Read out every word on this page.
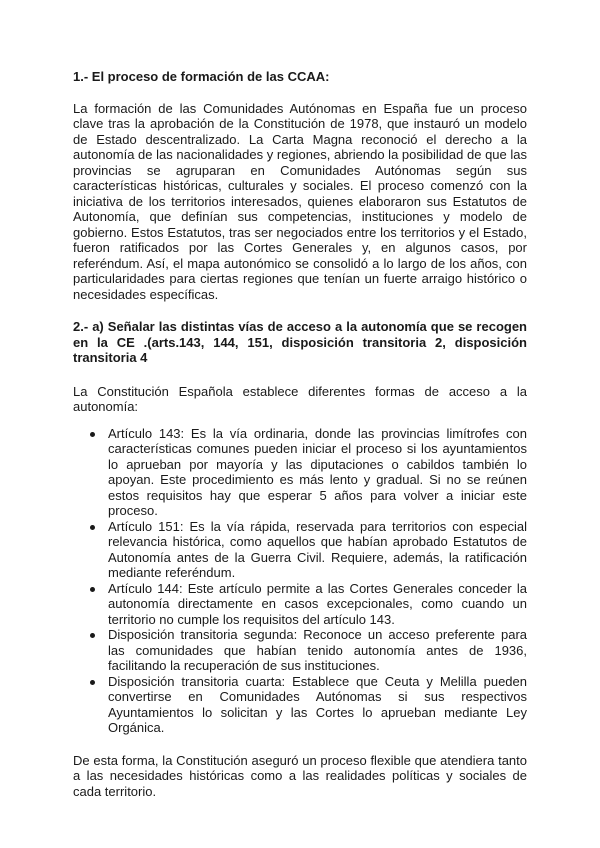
1.- El proceso de formación de las CCAA:

La formación de las Comunidades Autónomas en España fue un proceso clave tras la aprobación de la Constitución de 1978, que instauró un modelo de Estado descentralizado. La Carta Magna reconoció el derecho a la autonomía de las nacionalidades y regiones, abriendo la posibilidad de que las provincias se agruparan en Comunidades Autónomas según sus características históricas, culturales y sociales. El proceso comenzó con la iniciativa de los territorios interesados, quienes elaboraron sus Estatutos de Autonomía, que definían sus competencias, instituciones y modelo de gobierno. Estos Estatutos, tras ser negociados entre los territorios y el Estado, fueron ratificados por las Cortes Generales y, en algunos casos, por referéndum. Así, el mapa autonómico se consolidó a lo largo de los años, con particularidades para ciertas regiones que tenían un fuerte arraigo histórico o necesidades específicas.

2.- a) Señalar las distintas vías de acceso a la autonomía que se recogen en la CE .(arts.143, 144, 151, disposición transitoria 2, disposición transitoria 4

La Constitución Española establece diferentes formas de acceso a la autonomía:

Artículo 143: Es la vía ordinaria, donde las provincias limítrofes con características comunes pueden iniciar el proceso si los ayuntamientos lo aprueban por mayoría y las diputaciones o cabildos también lo apoyan. Este procedimiento es más lento y gradual. Si no se reúnen estos requisitos hay que esperar 5 años para volver a iniciar este proceso.
Artículo 151: Es la vía rápida, reservada para territorios con especial relevancia histórica, como aquellos que habían aprobado Estatutos de Autonomía antes de la Guerra Civil. Requiere, además, la ratificación mediante referéndum.
Artículo 144: Este artículo permite a las Cortes Generales conceder la autonomía directamente en casos excepcionales, como cuando un territorio no cumple los requisitos del artículo 143.
Disposición transitoria segunda: Reconoce un acceso preferente para las comunidades que habían tenido autonomía antes de 1936, facilitando la recuperación de sus instituciones.
Disposición transitoria cuarta: Establece que Ceuta y Melilla pueden convertirse en Comunidades Autónomas si sus respectivos Ayuntamientos lo solicitan y las Cortes lo aprueban mediante Ley Orgánica.

De esta forma, la Constitución aseguró un proceso flexible que atendiera tanto a las necesidades históricas como a las realidades políticas y sociales de cada territorio.
